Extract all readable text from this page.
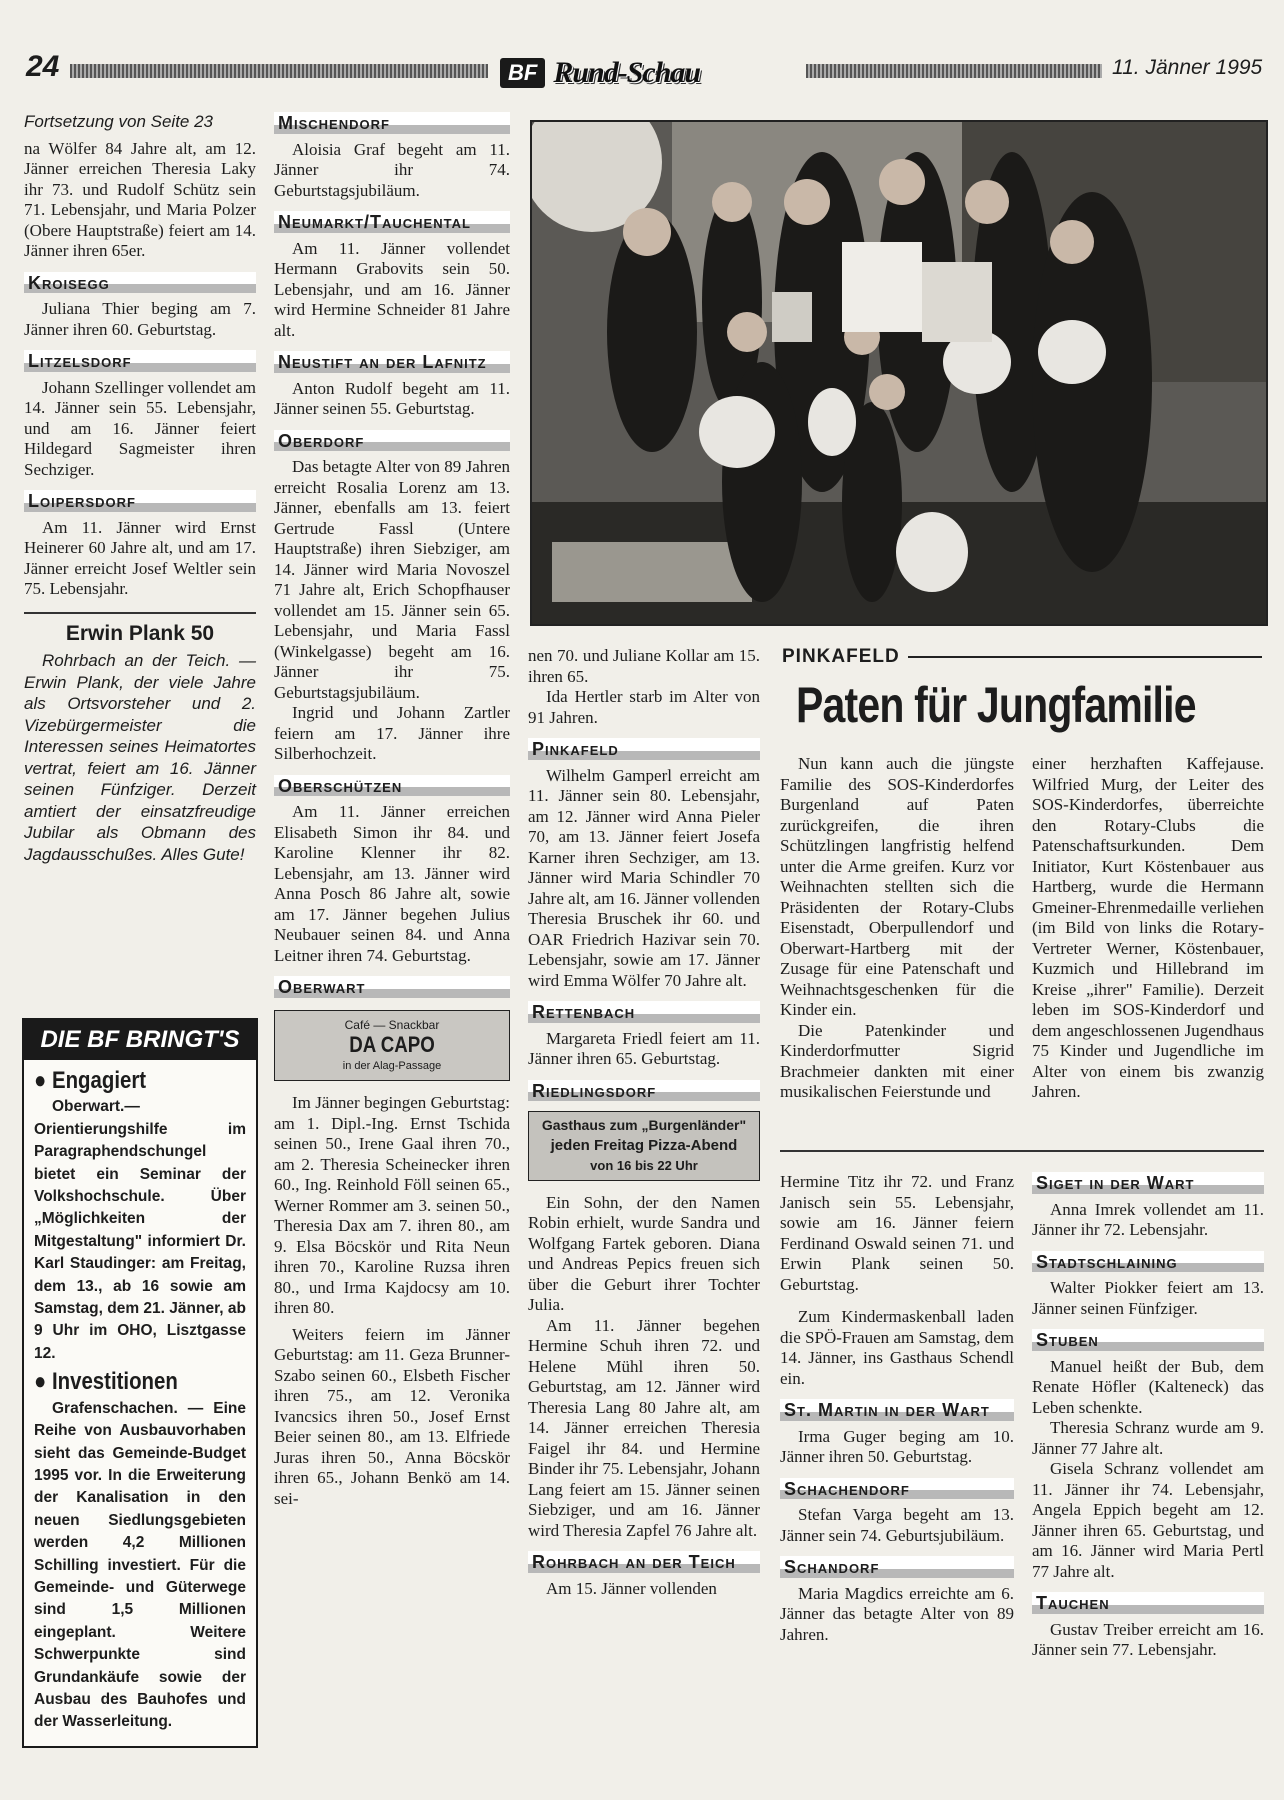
24	BF Rund-Schau	11. Jänner 1995

Fortsetzung von Seite 23

na Wölfer 84 Jahre alt, am 12. Jänner erreichen Theresia Laky ihr 73. und Rudolf Schütz sein 71. Lebensjahr, und Maria Polzer (Obere Hauptstraße) feiert am 14. Jänner ihren 65er.

Kroisegg

Juliana Thier beging am 7. Jänner ihren 60. Geburtstag.

Litzelsdorf

Johann Szellinger vollendet am 14. Jänner sein 55. Lebensjahr, und am 16. Jänner feiert Hildegard Sagmeister ihren Sechziger.

Loipersdorf

Am 11. Jänner wird Ernst Heinerer 60 Jahre alt, und am 17. Jänner erreicht Josef Weltler sein 75. Lebensjahr.

Erwin Plank 50

Rohrbach an der Teich. — Erwin Plank, der viele Jahre als Ortsvorsteher und 2. Vizebürgermeister die Interessen seines Heimatortes vertrat, feiert am 16. Jänner seinen Fünfziger. Derzeit amtiert der einsatzfreudige Jubilar als Obmann des Jagdausschußes. Alles Gute!

DIE BF BRINGT'S
● Engagiert
Oberwart.— Orientierungshilfe im Paragraphendschungel bietet ein Seminar der Volkshochschule. Über „Möglichkeiten der Mitgestaltung" informiert Dr. Karl Staudinger: am Freitag, dem 13., ab 16 sowie am Samstag, dem 21. Jänner, ab 9 Uhr im OHO, Lisztgasse 12.
● Investitionen
Grafenschachen. — Eine Reihe von Ausbauvorhaben sieht das Gemeinde-Budget 1995 vor. In die Erweiterung der Kanalisation in den neuen Siedlungsgebieten werden 4,2 Millionen Schilling investiert. Für die Gemeinde- und Güterwege sind 1,5 Millionen eingeplant. Weitere Schwerpunkte sind Grundankäufe sowie der Ausbau des Bauhofes und der Wasserleitung.
Mischendorf

Aloisia Graf begeht am 11. Jänner ihr 74. Geburtstagsjubiläum.

Neumarkt/Tauchental

Am 11. Jänner vollendet Hermann Grabovits sein 50. Lebensjahr, und am 16. Jänner wird Hermine Schneider 81 Jahre alt.

Neustift an der Lafnitz

Anton Rudolf begeht am 11. Jänner seinen 55. Geburtstag.

Oberdorf

Das betagte Alter von 89 Jahren erreicht Rosalia Lorenz am 13. Jänner, ebenfalls am 13. feiert Gertrude Fassl (Untere Hauptstraße) ihren Siebziger, am 14. Jänner wird Maria Novoszel 71 Jahre alt, Erich Schopfhauser vollendet am 15. Jänner sein 65. Lebensjahr, und Maria Fassl (Winkelgasse) begeht am 16. Jänner ihr 75. Geburtstagsjubiläum.

Ingrid und Johann Zartler feiern am 17. Jänner ihre Silberhochzeit.

Oberschützen

Am 11. Jänner erreichen Elisabeth Simon ihr 84. und Karoline Klenner ihr 82. Lebensjahr, am 13. Jänner wird Anna Posch 86 Jahre alt, sowie am 17. Jänner begehen Julius Neubauer seinen 84. und Anna Leitner ihren 74. Geburtstag.

Oberwart
Café — Snackbar
DA CAPO
in der Alag-Passage

Im Jänner begingen Geburtstag: am 1. Dipl.-Ing. Ernst Tschida seinen 50., Irene Gaal ihren 70., am 2. Theresia Scheinecker ihren 60., Ing. Reinhold Föll seinen 65., Werner Rommer am 3. seinen 50., Theresia Dax am 7. ihren 80., am 9. Elsa Böcskör und Rita Neun ihren 70., Karoline Ruzsa ihren 80., und Irma Kajdocsy am 10. ihren 80.

Weiters feiern im Jänner Geburtstag: am 11. Geza Brunner-Szabo seinen 60., Elsbeth Fischer ihren 75., am 12. Veronika Ivancsics ihren 50., Josef Ernst Beier seinen 80., am 13. Elfriede Juras ihren 50., Anna Böcskör ihren 65., Johann Benkö am 14. sei-

nen 70. und Juliane Kollar am 15. ihren 65.

Ida Hertler starb im Alter von 91 Jahren.

Pinkafeld

Wilhelm Gamperl erreicht am 11. Jänner sein 80. Lebensjahr, am 12. Jänner wird Anna Pieler 70, am 13. Jänner feiert Josefa Karner ihren Sechziger, am 13. Jänner wird Maria Schindler 70 Jahre alt, am 16. Jänner vollenden Theresia Bruschek ihr 60. und OAR Friedrich Hazivar sein 70. Lebensjahr, sowie am 17. Jänner wird Emma Wölfer 70 Jahre alt.

Rettenbach

Margareta Friedl feiert am 11. Jänner ihren 65. Geburtstag.

Riedlingsdorf
Gasthaus zum „Burgenländer"
jeden Freitag Pizza-Abend
von 16 bis 22 Uhr

Ein Sohn, der den Namen Robin erhielt, wurde Sandra und Wolfgang Fartek geboren. Diana und Andreas Pepics freuen sich über die Geburt ihrer Tochter Julia.

Am 11. Jänner begehen Hermine Schuh ihren 72. und Helene Mühl ihren 50. Geburtstag, am 12. Jänner wird Theresia Lang 80 Jahre alt, am 14. Jänner erreichen Theresia Faigel ihr 84. und Hermine Binder ihr 75. Lebensjahr, Johann Lang feiert am 15. Jänner seinen Siebziger, und am 16. Jänner wird Theresia Zapfel 76 Jahre alt.

Rohrbach an der Teich

Am 15. Jänner vollenden

PINKAFELD
Paten für Jungfamilie

Nun kann auch die jüngste Familie des SOS-Kinderdorfes Burgenland auf Paten zurückgreifen, die ihren Schützlingen langfristig helfend unter die Arme greifen. Kurz vor Weihnachten stellten sich die Präsidenten der Rotary-Clubs Eisenstadt, Oberpullendorf und Oberwart-Hartberg mit der Zusage für eine Patenschaft und Weihnachtsgeschenken für die Kinder ein.

Die Patenkinder und Kinderdorfmutter Sigrid Brachmeier dankten mit einer musikalischen Feierstunde und

einer herzhaften Kaffejause. Wilfried Murg, der Leiter des SOS-Kinderdorfes, überreichte den Rotary-Clubs die Patenschaftsurkunden. Dem Initiator, Kurt Köstenbauer aus Hartberg, wurde die Hermann Gmeiner-Ehrenmedaille verliehen (im Bild von links die Rotary-Vertreter Werner, Köstenbauer, Kuzmich und Hillebrand im Kreise „ihrer" Familie). Derzeit leben im SOS-Kinderdorf und dem angeschlossenen Jugendhaus 75 Kinder und Jugendliche im Alter von einem bis zwanzig Jahren.

Hermine Titz ihr 72. und Franz Janisch sein 55. Lebensjahr, sowie am 16. Jänner feiern Ferdinand Oswald seinen 71. und Erwin Plank seinen 50. Geburtstag.

Zum Kindermaskenball laden die SPÖ-Frauen am Samstag, dem 14. Jänner, ins Gasthaus Schendl ein.

St. Martin in der Wart

Irma Guger beging am 10. Jänner ihren 50. Geburtstag.

Schachendorf

Stefan Varga begeht am 13. Jänner sein 74. Geburtsjubiläum.

Schandorf

Maria Magdics erreichte am 6. Jänner das betagte Alter von 89 Jahren.

Siget in der Wart

Anna Imrek vollendet am 11. Jänner ihr 72. Lebensjahr.

Stadtschlaining

Walter Piokker feiert am 13. Jänner seinen Fünfziger.

Stuben

Manuel heißt der Bub, dem Renate Höfler (Kalteneck) das Leben schenkte.

Theresia Schranz wurde am 9. Jänner 77 Jahre alt.

Gisela Schranz vollendet am 11. Jänner ihr 74. Lebensjahr, Angela Eppich begeht am 12. Jänner ihren 65. Geburtstag, und am 16. Jänner wird Maria Pertl 77 Jahre alt.

Tauchen

Gustav Treiber erreicht am 16. Jänner sein 77. Lebensjahr.
